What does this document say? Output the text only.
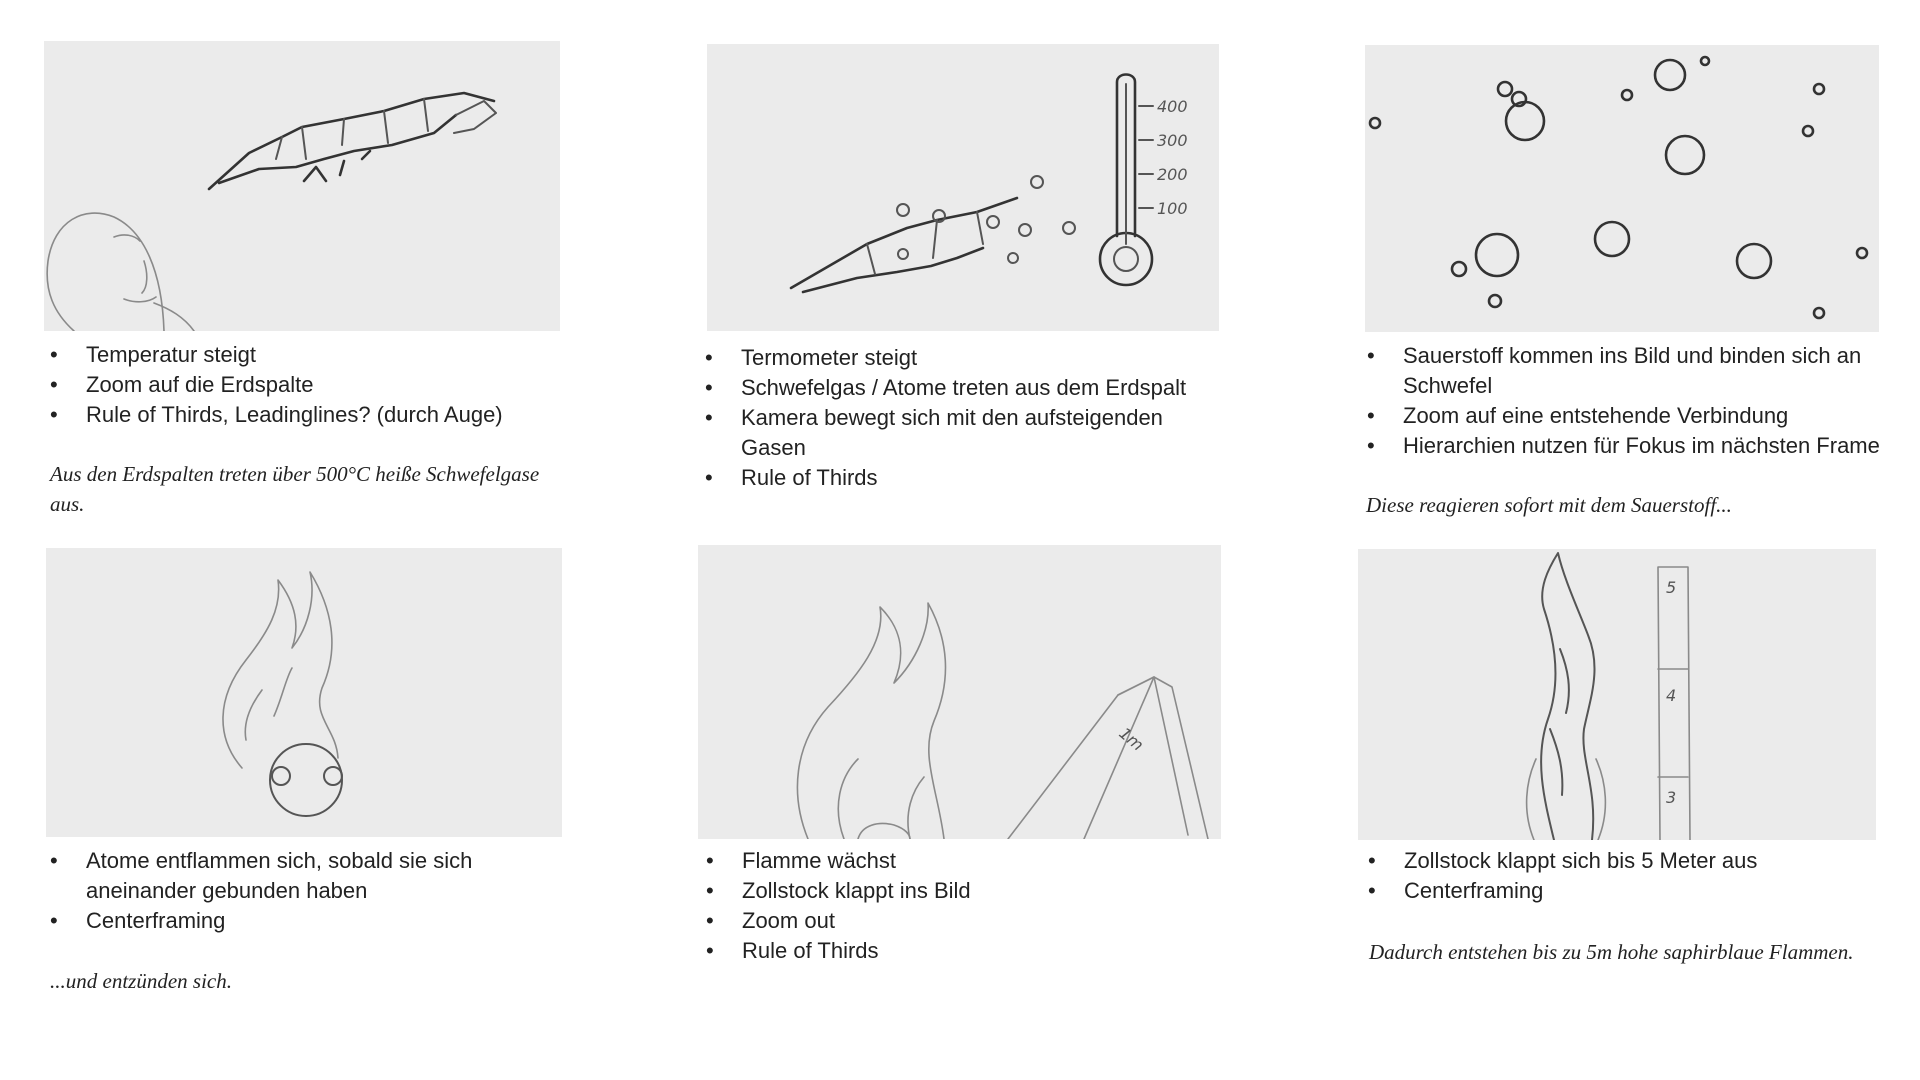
• Temperatur steigt
• Zoom auf die Erdspalte
• Rule of Thirds, Leadinglines? (durch Auge)

Aus den Erdspalten treten über 500°C heiße Schwefelgase aus.

400
300
200
100
• Termometer steigt
• Schwefelgas / Atome treten aus dem Erdspalt
• Kamera bewegt sich mit den aufsteigenden Gasen
• Rule of Thirds
• Sauerstoff kommen ins Bild und binden sich an Schwefel
• Zoom auf eine entstehende Verbindung
• Hierarchien nutzen für Fokus im nächsten Frame

Diese reagieren sofort mit dem Sauerstoff...

• Atome entflammen sich, sobald sie sich aneinander gebunden haben
• Centerframing

...und entzünden sich.

1m
• Flamme wächst
• Zollstock klappt ins Bild
• Zoom out
• Rule of Thirds
5
4
3
• Zollstock klappt sich bis 5 Meter aus
• Centerframing

Dadurch entstehen bis zu 5m hohe saphirblaue Flammen.
